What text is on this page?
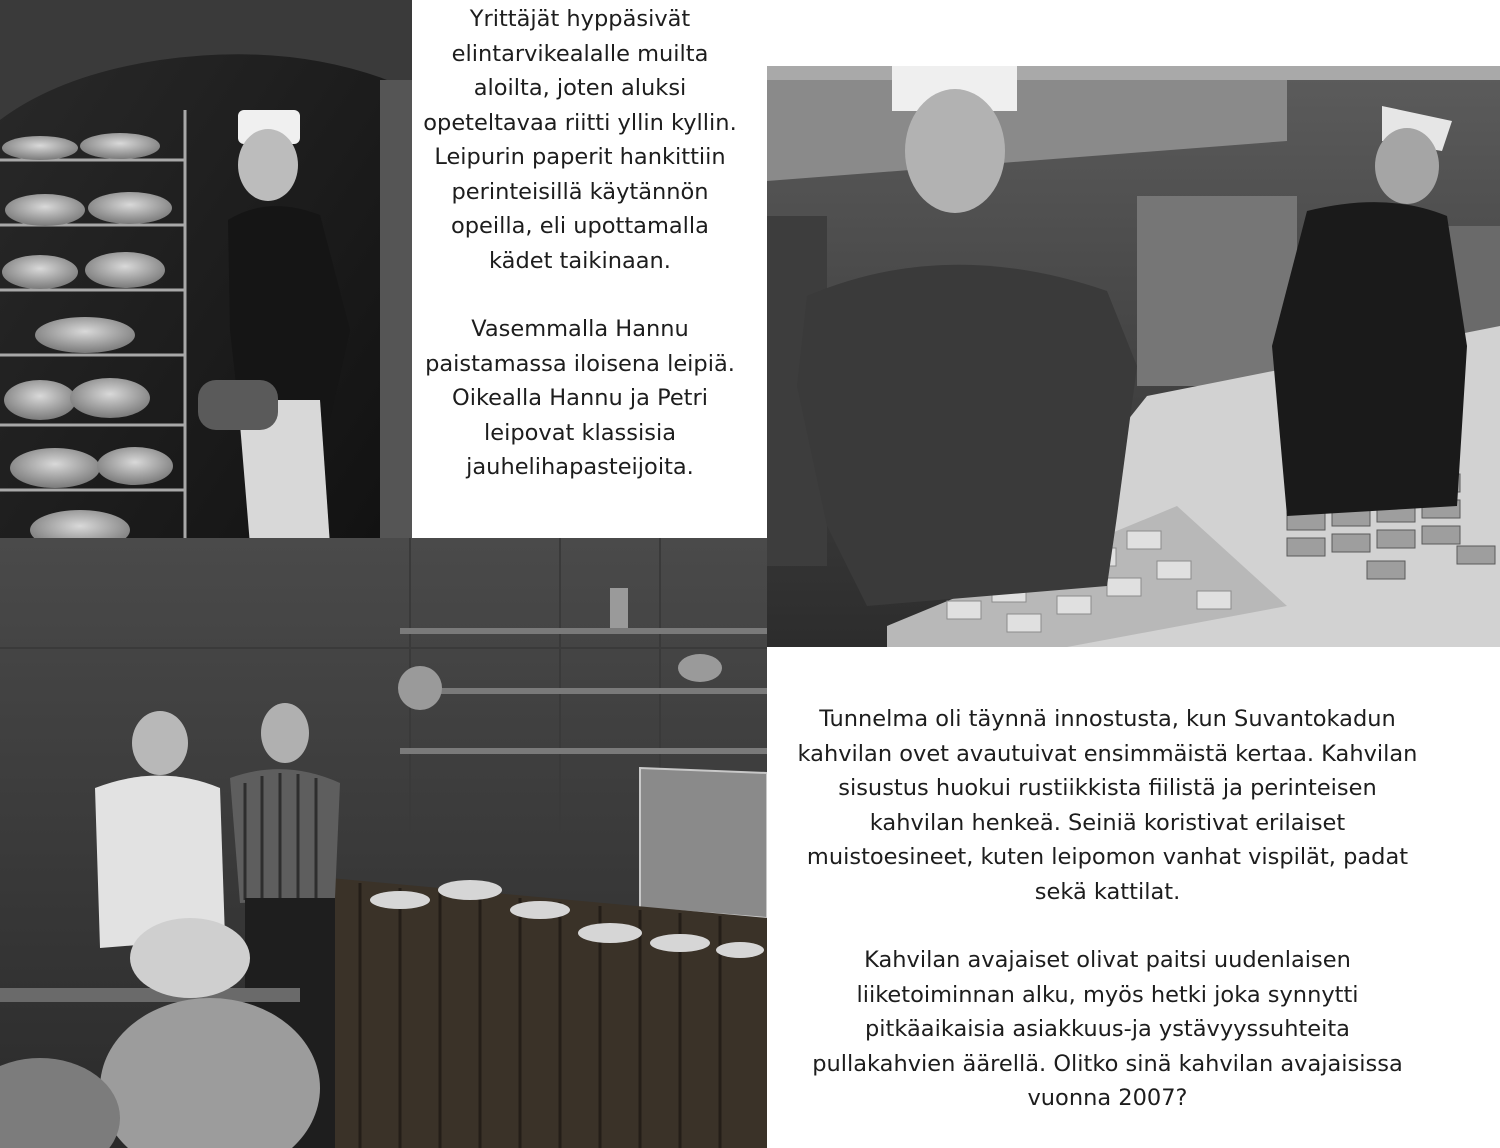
Yrittäjät hyppäsivät elintarvikealalle muilta aloilta, joten aluksi opeteltavaa riitti yllin kyllin. Leipurin paperit hankittiin perinteisillä käytännön opeilla, eli upottamalla kädet taikinaan.

Vasemmalla Hannu paistamassa iloisena leipiä. Oikealla Hannu ja Petri leipovat klassisia jauhelihapasteijoita.

Tunnelma oli täynnä innostusta, kun Suvantokadun kahvilan ovet avautuivat ensimmäistä kertaa. Kahvilan sisustus huokui rustiikkista fiilistä ja perinteisen kahvilan henkeä. Seiniä koristivat erilaiset muistoesineet, kuten leipomon vanhat vispilät, padat sekä kattilat.

Kahvilan avajaiset olivat paitsi uudenlaisen liiketoiminnan alku, myös hetki joka synnytti pitkäaikaisia asiakkuus-ja ystävyyssuhteita pullakahvien äärellä. Olitko sinä kahvilan avajaisissa vuonna 2007?
